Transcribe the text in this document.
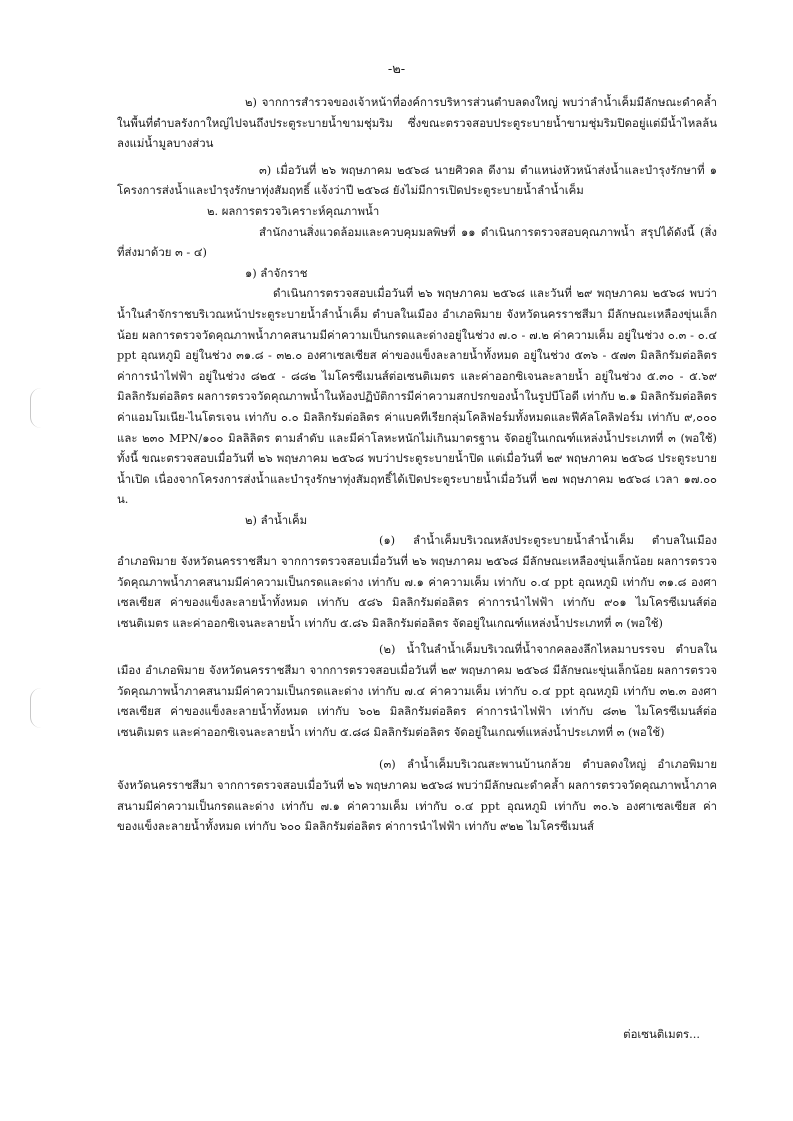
-๒-

๒) จากการสำรวจของเจ้าหน้าที่องค์การบริหารส่วนตำบลดงใหญ่ พบว่าลำน้ำเค็มมีลักษณะดำคล้ำในพื้นที่ตำบลรังกาใหญ่ไปจนถึงประตูระบายน้ำขามชุ่มริม ซึ่งขณะตรวจสอบประตูระบายน้ำขามชุ่มริมปิดอยู่แต่มีน้ำไหลล้นลงแม่น้ำมูลบางส่วน

๓) เมื่อวันที่ ๒๖ พฤษภาคม ๒๕๖๘ นายศิวดล ดีงาม ตำแหน่งหัวหน้าส่งน้ำและบำรุงรักษาที่ ๑ โครงการส่งน้ำและบำรุงรักษาทุ่งสัมฤทธิ์ แจ้งว่าปี ๒๕๖๘ ยังไม่มีการเปิดประตูระบายน้ำลำน้ำเค็ม

๒. ผลการตรวจวิเคราะห์คุณภาพน้ำ

สำนักงานสิ่งแวดล้อมและควบคุมมลพิษที่ ๑๑ ดำเนินการตรวจสอบคุณภาพน้ำ สรุปได้ดังนี้ (สิ่งที่ส่งมาด้วย ๓ - ๔)

๑) ลำจักราช

ดำเนินการตรวจสอบเมื่อวันที่ ๒๖ พฤษภาคม ๒๕๖๘ และวันที่ ๒๙ พฤษภาคม ๒๕๖๘ พบว่าน้ำในลำจักราชบริเวณหน้าประตูระบายน้ำลำน้ำเค็ม ตำบลในเมือง อำเภอพิมาย จังหวัดนครราชสีมา มีลักษณะเหลืองขุ่นเล็กน้อย ผลการตรวจวัดคุณภาพน้ำภาคสนามมีค่าความเป็นกรดและด่างอยู่ในช่วง ๗.๐ - ๗.๒ ค่าความเค็ม อยู่ในช่วง ๐.๓ - ๐.๔ ppt อุณหภูมิ อยู่ในช่วง ๓๑.๘ - ๓๒.๐ องศาเซลเซียส ค่าของแข็งละลายน้ำทั้งหมด อยู่ในช่วง ๕๓๖ - ๕๗๓ มิลลิกรัมต่อลิตร ค่าการนำไฟฟ้า อยู่ในช่วง ๘๒๕ - ๘๘๒ ไมโครซีเมนส์ต่อเซนติเมตร และค่าออกซิเจนละลายน้ำ อยู่ในช่วง ๕.๓๐ - ๕.๖๙ มิลลิกรัมต่อลิตร ผลการตรวจวัดคุณภาพน้ำในห้องปฏิบัติการมีค่าความสกปรกของน้ำในรูปบีโอดี เท่ากับ ๒.๑ มิลลิกรัมต่อลิตร ค่าแอมโมเนีย-ไนโตรเจน เท่ากับ ๐.๐ มิลลิกรัมต่อลิตร ค่าแบคทีเรียกลุ่มโคลิฟอร์มทั้งหมดและฟีคัลโคลิฟอร์ม เท่ากับ ๙,๐๐๐ และ ๒๓๐ MPN/๑๐๐ มิลลิลิตร ตามลำดับ และมีค่าโลหะหนักไม่เกินมาตรฐาน จัดอยู่ในเกณฑ์แหล่งน้ำประเภทที่ ๓ (พอใช้) ทั้งนี้ ขณะตรวจสอบเมื่อวันที่ ๒๖ พฤษภาคม ๒๕๖๘ พบว่าประตูระบายน้ำปิด แต่เมื่อวันที่ ๒๙ พฤษภาคม ๒๕๖๘ ประตูระบายน้ำเปิด เนื่องจากโครงการส่งน้ำและบำรุงรักษาทุ่งสัมฤทธิ์ได้เปิดประตูระบายน้ำเมื่อวันที่ ๒๗ พฤษภาคม ๒๕๖๘ เวลา ๑๗.๐๐ น.

๒) ลำน้ำเค็ม

(๑) ลำน้ำเค็มบริเวณหลังประตูระบายน้ำลำน้ำเค็ม ตำบลในเมือง อำเภอพิมาย จังหวัดนครราชสีมา จากการตรวจสอบเมื่อวันที่ ๒๖ พฤษภาคม ๒๕๖๘ มีลักษณะเหลืองขุ่นเล็กน้อย ผลการตรวจวัดคุณภาพน้ำภาคสนามมีค่าความเป็นกรดและด่าง เท่ากับ ๗.๑ ค่าความเค็ม เท่ากับ ๐.๔ ppt อุณหภูมิ เท่ากับ ๓๑.๘ องศาเซลเซียส ค่าของแข็งละลายน้ำทั้งหมด เท่ากับ ๕๘๖ มิลลิกรัมต่อลิตร ค่าการนำไฟฟ้า เท่ากับ ๙๐๑ ไมโครซีเมนส์ต่อเซนติเมตร และค่าออกซิเจนละลายน้ำ เท่ากับ ๕.๘๖ มิลลิกรัมต่อลิตร จัดอยู่ในเกณฑ์แหล่งน้ำประเภทที่ ๓ (พอใช้)

(๒) น้ำในลำน้ำเค็มบริเวณที่น้ำจากคลองลึกไหลมาบรรจบ ตำบลในเมือง อำเภอพิมาย จังหวัดนครราชสีมา จากการตรวจสอบเมื่อวันที่ ๒๙ พฤษภาคม ๒๕๖๘ มีลักษณะขุ่นเล็กน้อย ผลการตรวจวัดคุณภาพน้ำภาคสนามมีค่าความเป็นกรดและด่าง เท่ากับ ๗.๔ ค่าความเค็ม เท่ากับ ๐.๔ ppt อุณหภูมิ เท่ากับ ๓๒.๓ องศาเซลเซียส ค่าของแข็งละลายน้ำทั้งหมด เท่ากับ ๖๐๒ มิลลิกรัมต่อลิตร ค่าการนำไฟฟ้า เท่ากับ ๘๓๒ ไมโครซีเมนส์ต่อเซนติเมตร และค่าออกซิเจนละลายน้ำ เท่ากับ ๕.๘๘ มิลลิกรัมต่อลิตร จัดอยู่ในเกณฑ์แหล่งน้ำประเภทที่ ๓ (พอใช้)

(๓) ลำน้ำเค็มบริเวณสะพานบ้านกล้วย ตำบลดงใหญ่ อำเภอพิมาย จังหวัดนครราชสีมา จากการตรวจสอบเมื่อวันที่ ๒๖ พฤษภาคม ๒๕๖๘ พบว่ามีลักษณะดำคล้ำ ผลการตรวจวัดคุณภาพน้ำภาคสนามมีค่าความเป็นกรดและด่าง เท่ากับ ๗.๑ ค่าความเค็ม เท่ากับ ๐.๔ ppt อุณหภูมิ เท่ากับ ๓๐.๖ องศาเซลเซียส ค่าของแข็งละลายน้ำทั้งหมด เท่ากับ ๖๐๐ มิลลิกรัมต่อลิตร ค่าการนำไฟฟ้า เท่ากับ ๙๒๒ ไมโครซีเมนส์

ต่อเซนติเมตร...
